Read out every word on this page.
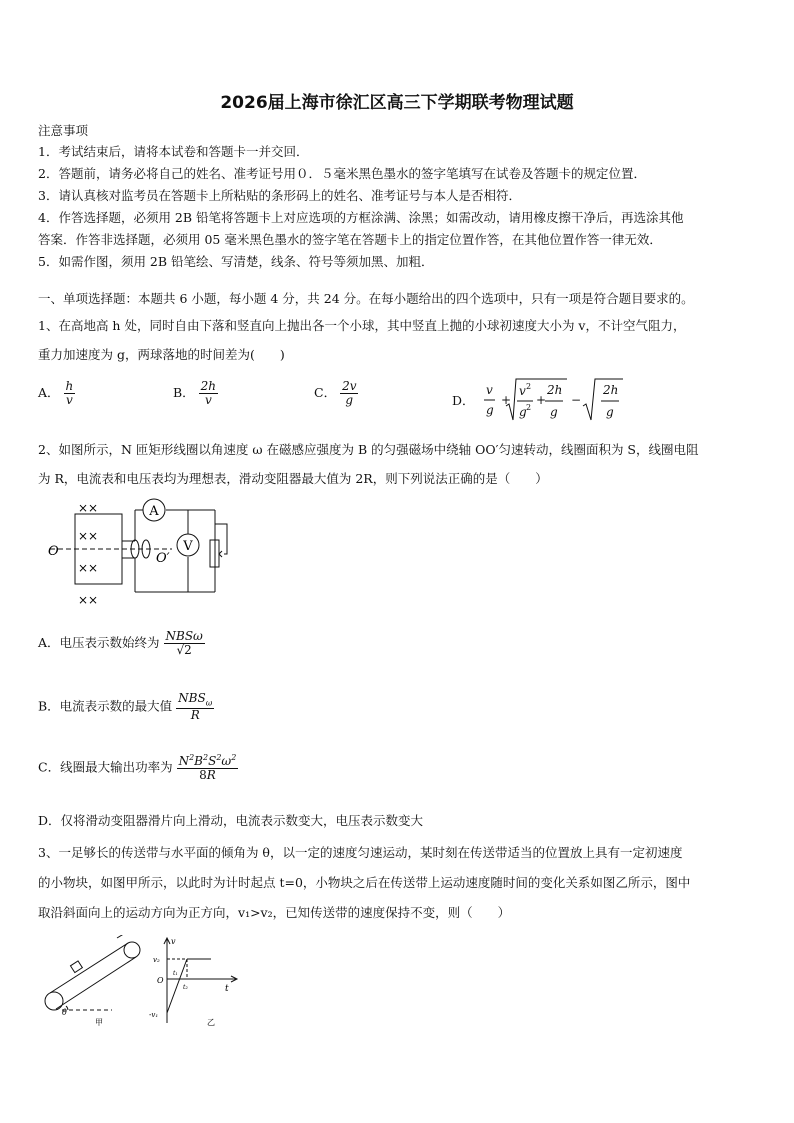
2026届上海市徐汇区高三下学期联考物理试题
注意事项
1．考试结束后，请将本试卷和答题卡一并交回．
2．答题前，请务必将自己的姓名、准考证号用０．５毫米黑色墨水的签字笔填写在试卷及答题卡的规定位置．
3．请认真核对监考员在答题卡上所粘贴的条形码上的姓名、准考证号与本人是否相符．
4．作答选择题，必须用 2B 铅笔将答题卡上对应选项的方框涂满、涂黑；如需改动，请用橡皮擦干净后，再选涂其他
答案．作答非选择题，必须用 05 毫米黑色墨水的签字笔在答题卡上的指定位置作答，在其他位置作答一律无效．
5．如需作图，须用 2B 铅笔绘、写清楚，线条、符号等须加黑、加粗．
一、单项选择题：本题共 6 小题，每小题 4 分，共 24 分。在每小题给出的四个选项中，只有一项是符合题目要求的。
1、在高地高 h 处，同时自由下落和竖直向上抛出各一个小球，其中竖直上抛的小球初速度大小为 v，不计空气阻力，
重力加速度为 g，两球落地的时间差为(　　)
A． $\frac{h}{v}$	B． $\frac{2h}{v}$	C． $\frac{2v}{g}$	D．
v
g
+
v 2
g 2
+
2h
g
−
2h
g
2、如图所示，N 匝矩形线圈以角速度 ω 在磁感应强度为 B 的匀强磁场中绕轴 OO′匀速转动，线圈面积为 S，线圈电阻
为 R，电流表和电压表均为理想表，滑动变阻器最大值为 2R，则下列说法正确的是（　　）
A
V
××
××
××
××
O	O′
A．电压表示数始终为 $\frac{\text{NBSω}}{√2}$
B．电流表示数的最大值 $\frac{NBS_\omega}{R}$
C．线圈最大输出功率为 $\frac{N^2B^2S^2\omega^2}{8R}$
D．仅将滑动变阻器滑片向上滑动，电流表示数变大，电压表示数变大
3、一足够长的传送带与水平面的倾角为 θ，以一定的速度匀速运动，某时刻在传送带适当的位置放上具有一定初速度
的小物块，如图甲所示，以此时为计时起点 t=0，小物块之后在传送带上运动速度随时间的变化关系如图乙所示，图中
取沿斜面向上的运动方向为正方向，v₁>v₂，已知传送带的速度保持不变，则（　　）
θ
甲
v
v₂
O
-v₁
t₁
t₂	t
乙
